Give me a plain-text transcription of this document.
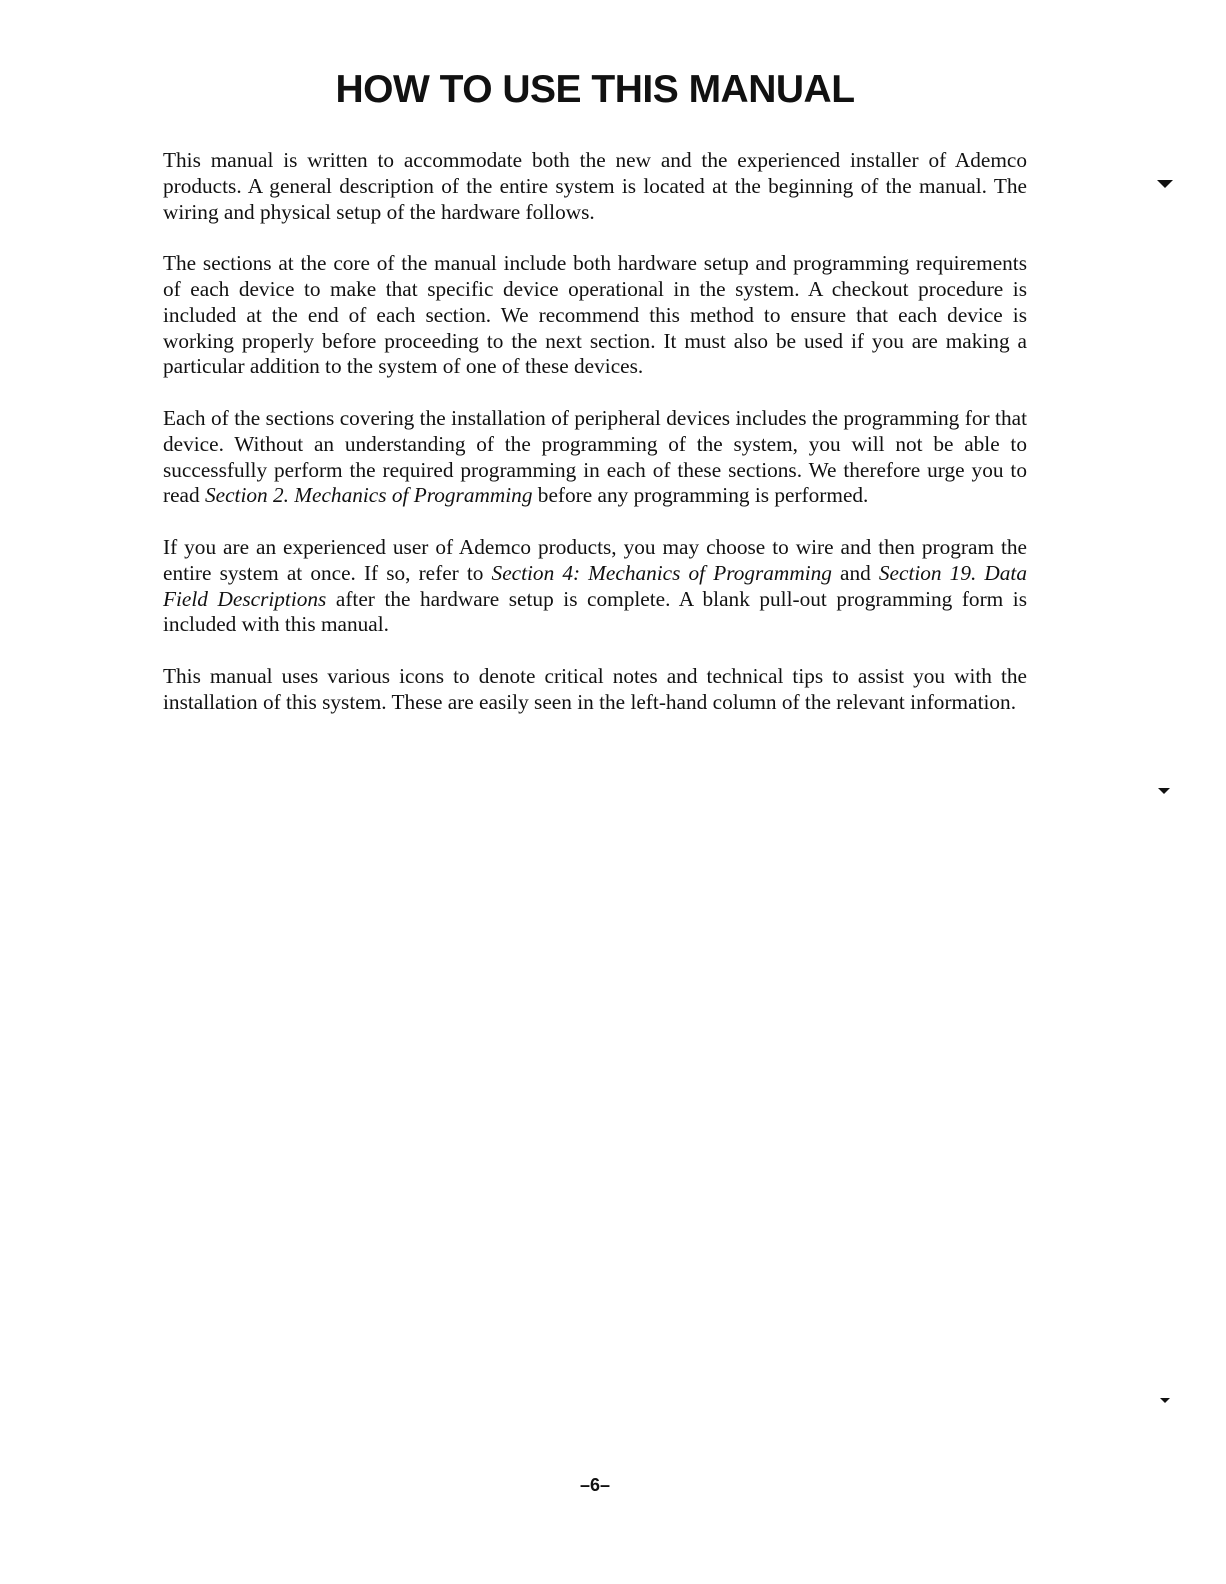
HOW TO USE THIS MANUAL

This manual is written to accommodate both the new and the experienced installer of Ademco products. A general description of the entire system is located at the beginning of the manual. The wiring and physical setup of the hardware follows.

The sections at the core of the manual include both hardware setup and programming requirements of each device to make that specific device operational in the system. A checkout procedure is included at the end of each section. We recommend this method to ensure that each device is working properly before proceeding to the next section. It must also be used if you are making a particular addition to the system of one of these devices.

Each of the sections covering the installation of peripheral devices includes the programming for that device. Without an understanding of the programming of the system, you will not be able to successfully perform the required programming in each of these sections. We therefore urge you to read Section 2. Mechanics of Programming before any programming is performed.

If you are an experienced user of Ademco products, you may choose to wire and then program the entire system at once. If so, refer to Section 4: Mechanics of Programming and Section 19. Data Field Descriptions after the hardware setup is complete. A blank pull-out programming form is included with this manual.

This manual uses various icons to denote critical notes and technical tips to assist you with the installation of this system. These are easily seen in the left-hand column of the relevant information.

–6–
